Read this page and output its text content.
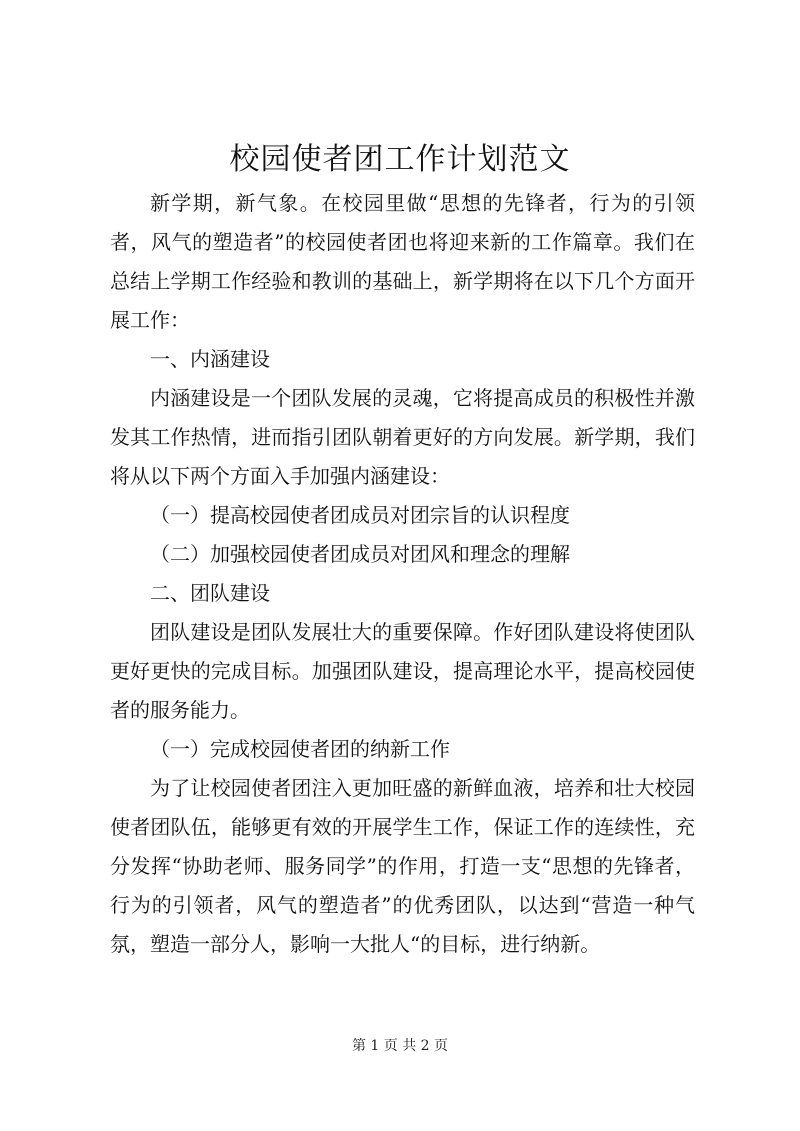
校园使者团工作计划范文

新学期，新气象。在校园里做“思想的先锋者，行为的引领者，风气的塑造者”的校园使者团也将迎来新的工作篇章。我们在总结上学期工作经验和教训的基础上，新学期将在以下几个方面开展工作：

一、内涵建设

内涵建设是一个团队发展的灵魂，它将提高成员的积极性并激发其工作热情，进而指引团队朝着更好的方向发展。新学期，我们将从以下两个方面入手加强内涵建设：

（一）提高校园使者团成员对团宗旨的认识程度

（二）加强校园使者团成员对团风和理念的理解

二、团队建设

团队建设是团队发展壮大的重要保障。作好团队建设将使团队更好更快的完成目标。加强团队建设，提高理论水平，提高校园使者的服务能力。

（一）完成校园使者团的纳新工作

为了让校园使者团注入更加旺盛的新鲜血液，培养和壮大校园使者团队伍，能够更有效的开展学生工作，保证工作的连续性，充分发挥“协助老师、服务同学”的作用，打造一支“思想的先锋者，行为的引领者，风气的塑造者”的优秀团队，以达到“营造一种气氛，塑造一部分人，影响一大批人“的目标，进行纳新。

第 1 页 共 2 页
